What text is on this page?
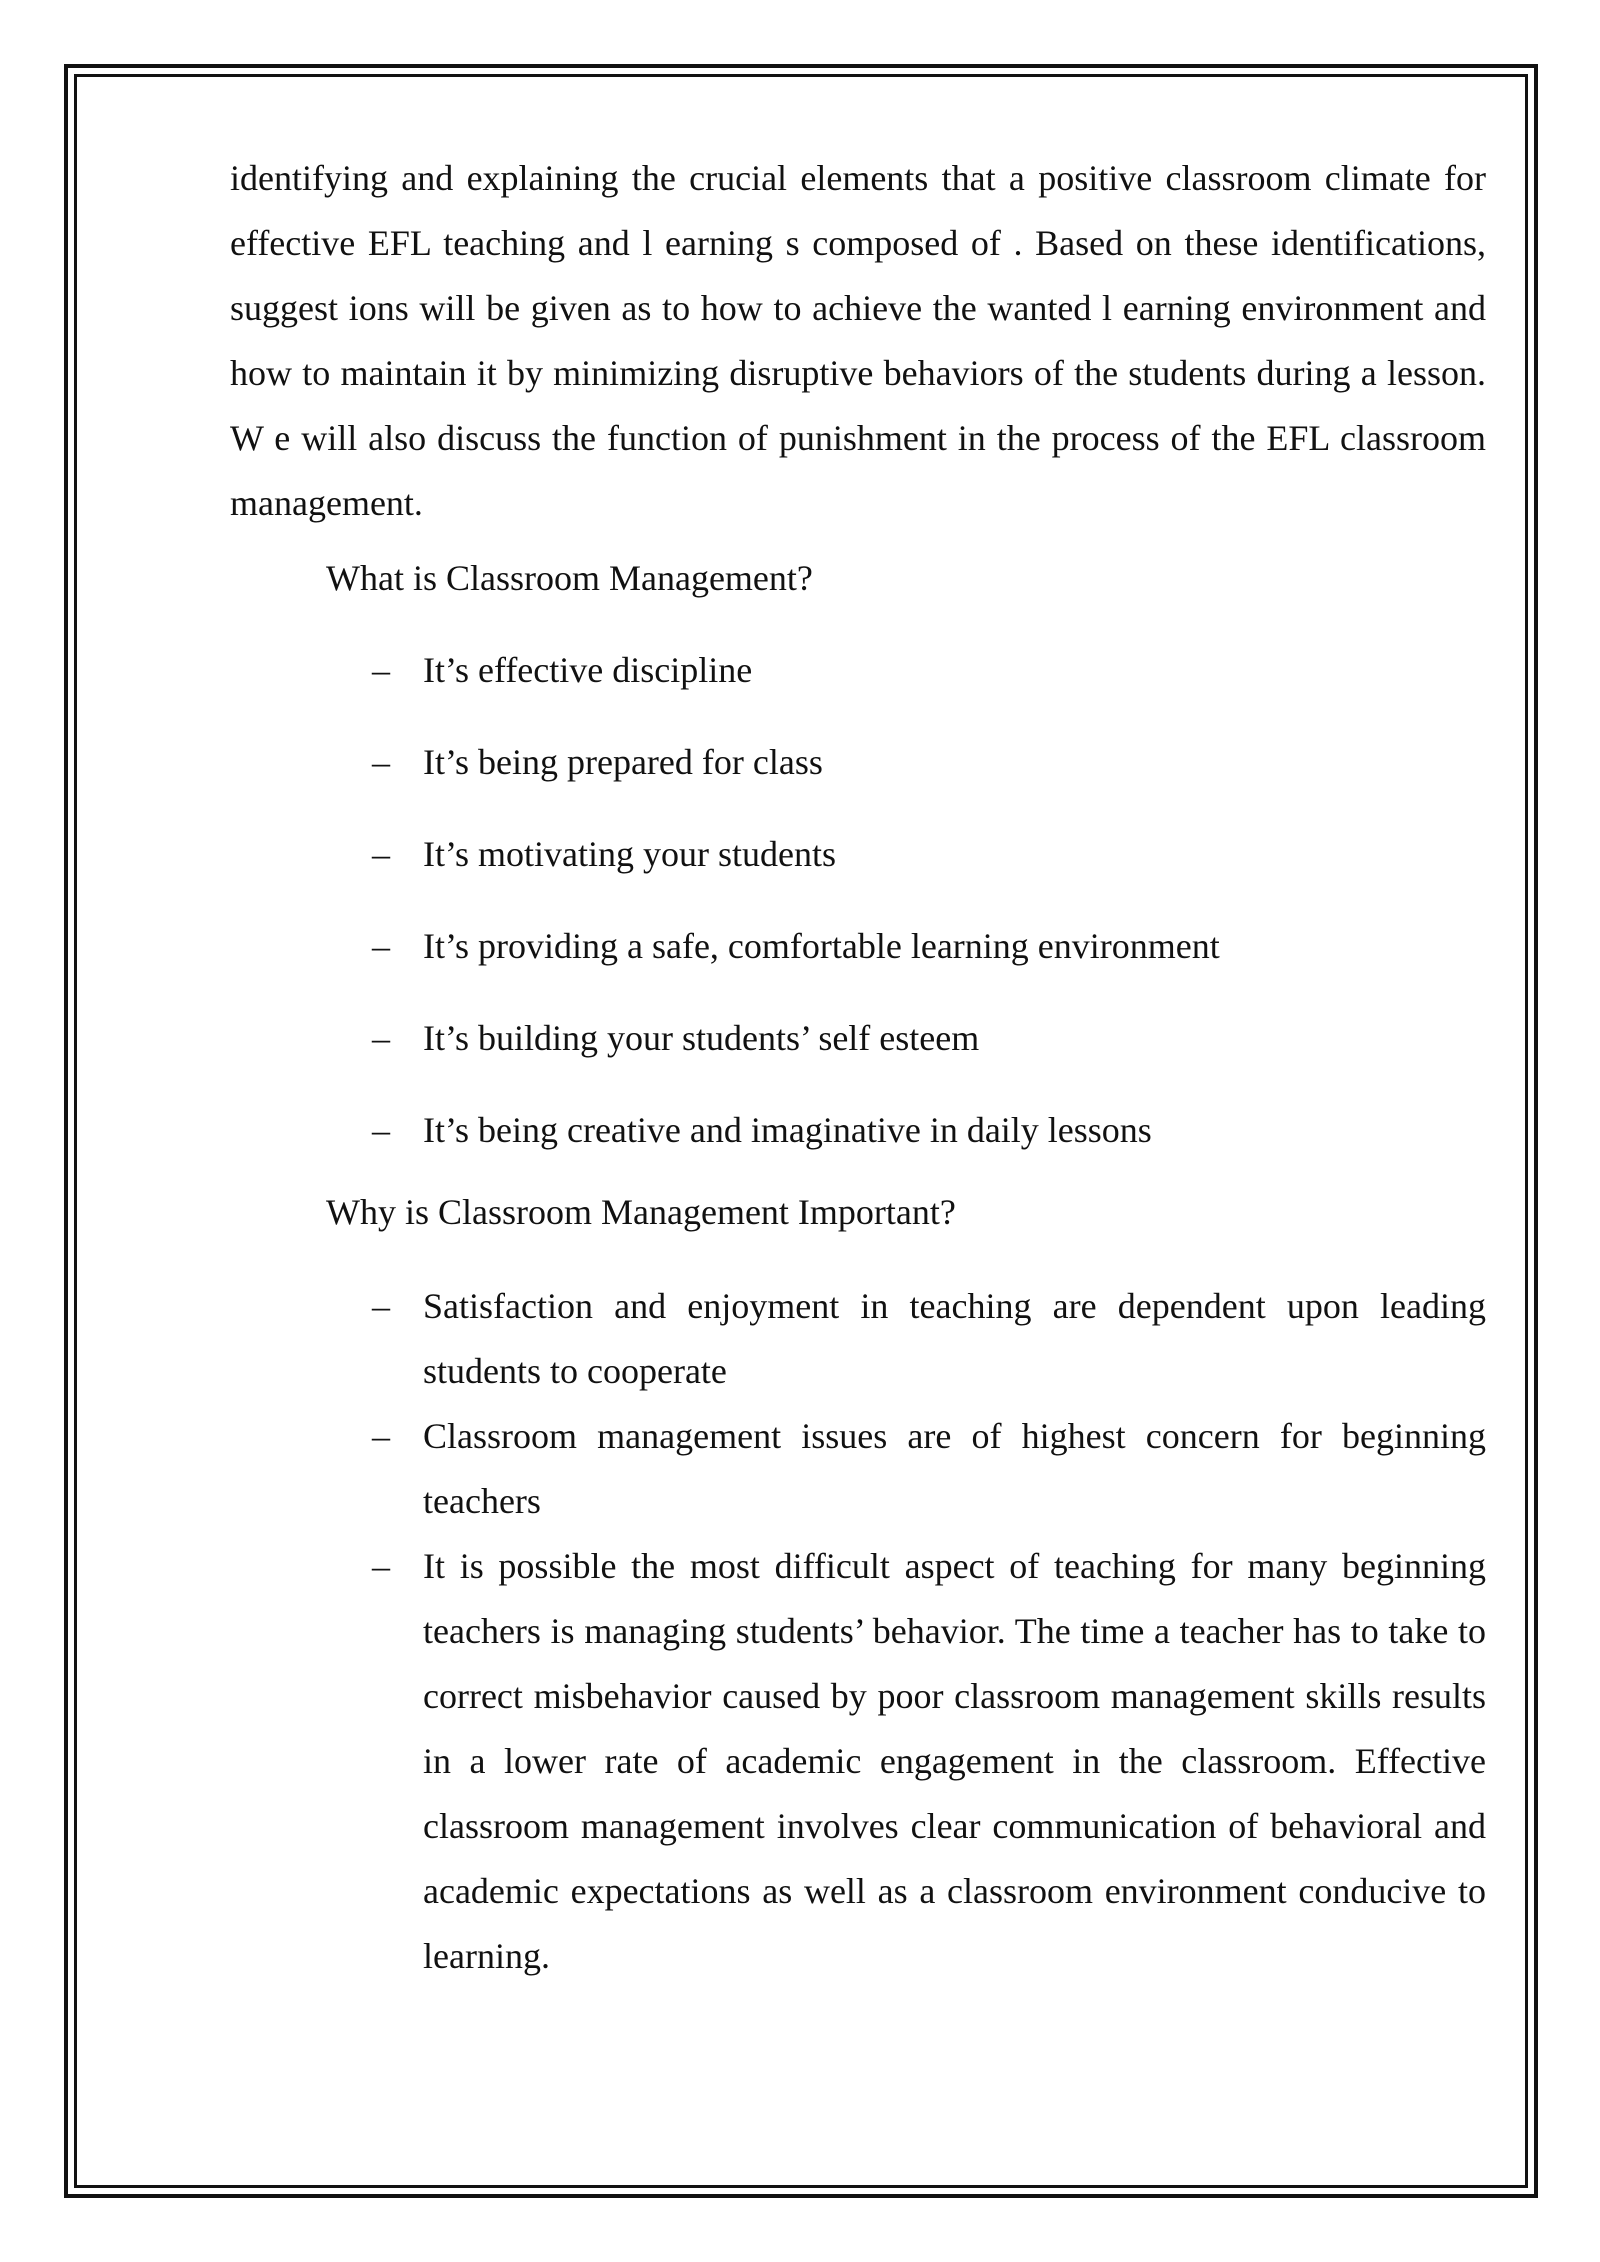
identifying and explaining the crucial elements that a positive classroom climate for effective EFL teaching and l earning s composed of . Based on these identifications, suggest ions will be given as to how to achieve the wanted l earning environment and how to maintain it by minimizing disruptive behaviors of the students during a lesson. W e will also discuss the function of punishment in the process of the EFL classroom management.

What is Classroom Management?

– It’s effective discipline
– It’s being prepared for class
– It’s motivating your students
– It’s providing a safe, comfortable learning environment
– It’s building your students’ self esteem
– It’s being creative and imaginative in daily lessons

Why is Classroom Management Important?

– Satisfaction and enjoyment in teaching are dependent upon leading students to cooperate
– Classroom management issues are of highest concern for beginning teachers
– It is possible the most difficult aspect of teaching for many beginning teachers is managing students’ behavior. The time a teacher has to take to correct misbehavior caused by poor classroom management skills results in a lower rate of academic engagement in the classroom. Effective classroom management involves clear communication of behavioral and academic expectations as well as a classroom environment conducive to learning.
